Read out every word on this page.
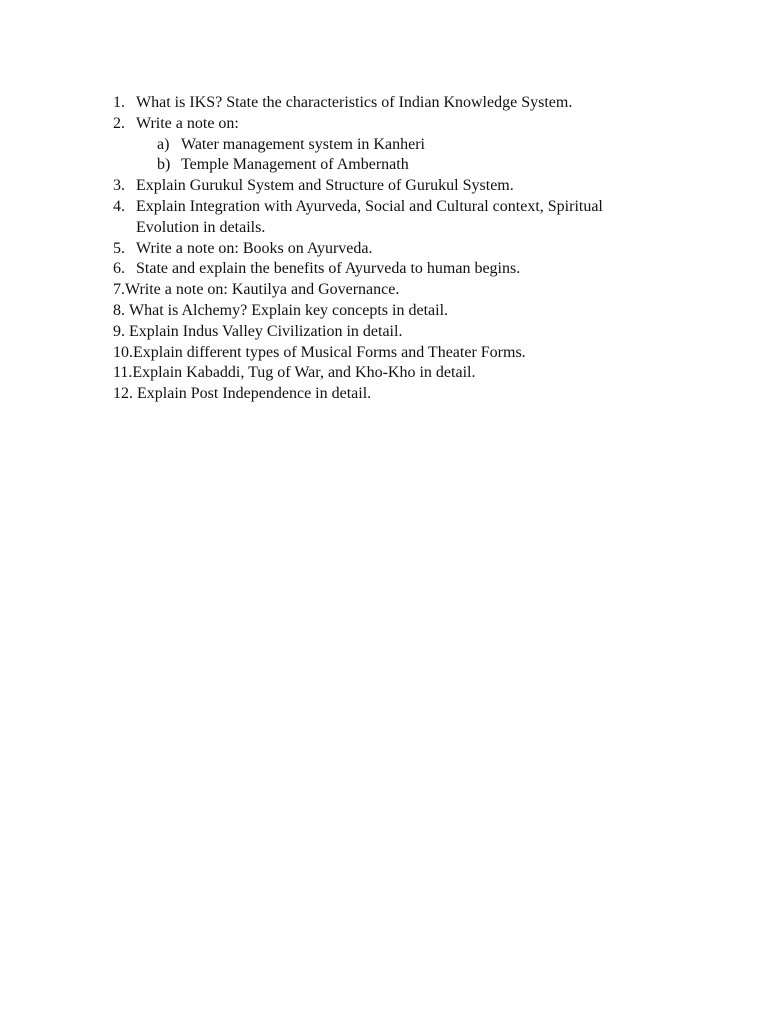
1. What is IKS? State the characteristics of Indian Knowledge System.
2. Write a note on:
a) Water management system in Kanheri
b) Temple Management of Ambernath
3. Explain Gurukul System and Structure of Gurukul System.
4. Explain Integration with Ayurveda, Social and Cultural context, Spiritual Evolution in details.
5. Write a note on: Books on Ayurveda.
6. State and explain the benefits of Ayurveda to human begins.
7. Write a note on: Kautilya and Governance.
8.
What is Alchemy? Explain key concepts in detail.
9.
Explain Indus Valley Civilization in detail.
10. Explain different types of Musical Forms and Theater Forms.
11. Explain Kabaddi, Tug of War, and Kho-Kho in detail.
12.
Explain Post Independence in detail.
